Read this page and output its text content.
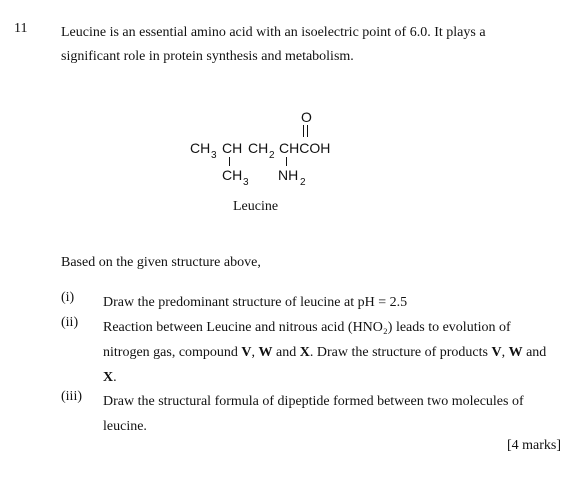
11 Leucine is an essential amino acid with an isoelectric point of 6.0. It plays a significant role in protein synthesis and metabolism.
O
CH 3 CH CH 2 CHCOH
CH 3 NH 2
Leucine
Based on the given structure above,
(i) Draw the predominant structure of leucine at pH = 2.5
(ii) Reaction between Leucine and nitrous acid (HNO₂) leads to evolution of nitrogen gas, compound V, W and X. Draw the structure of products V, W and X.
(iii) Draw the structural formula of dipeptide formed between two molecules of leucine.
[4 marks]
